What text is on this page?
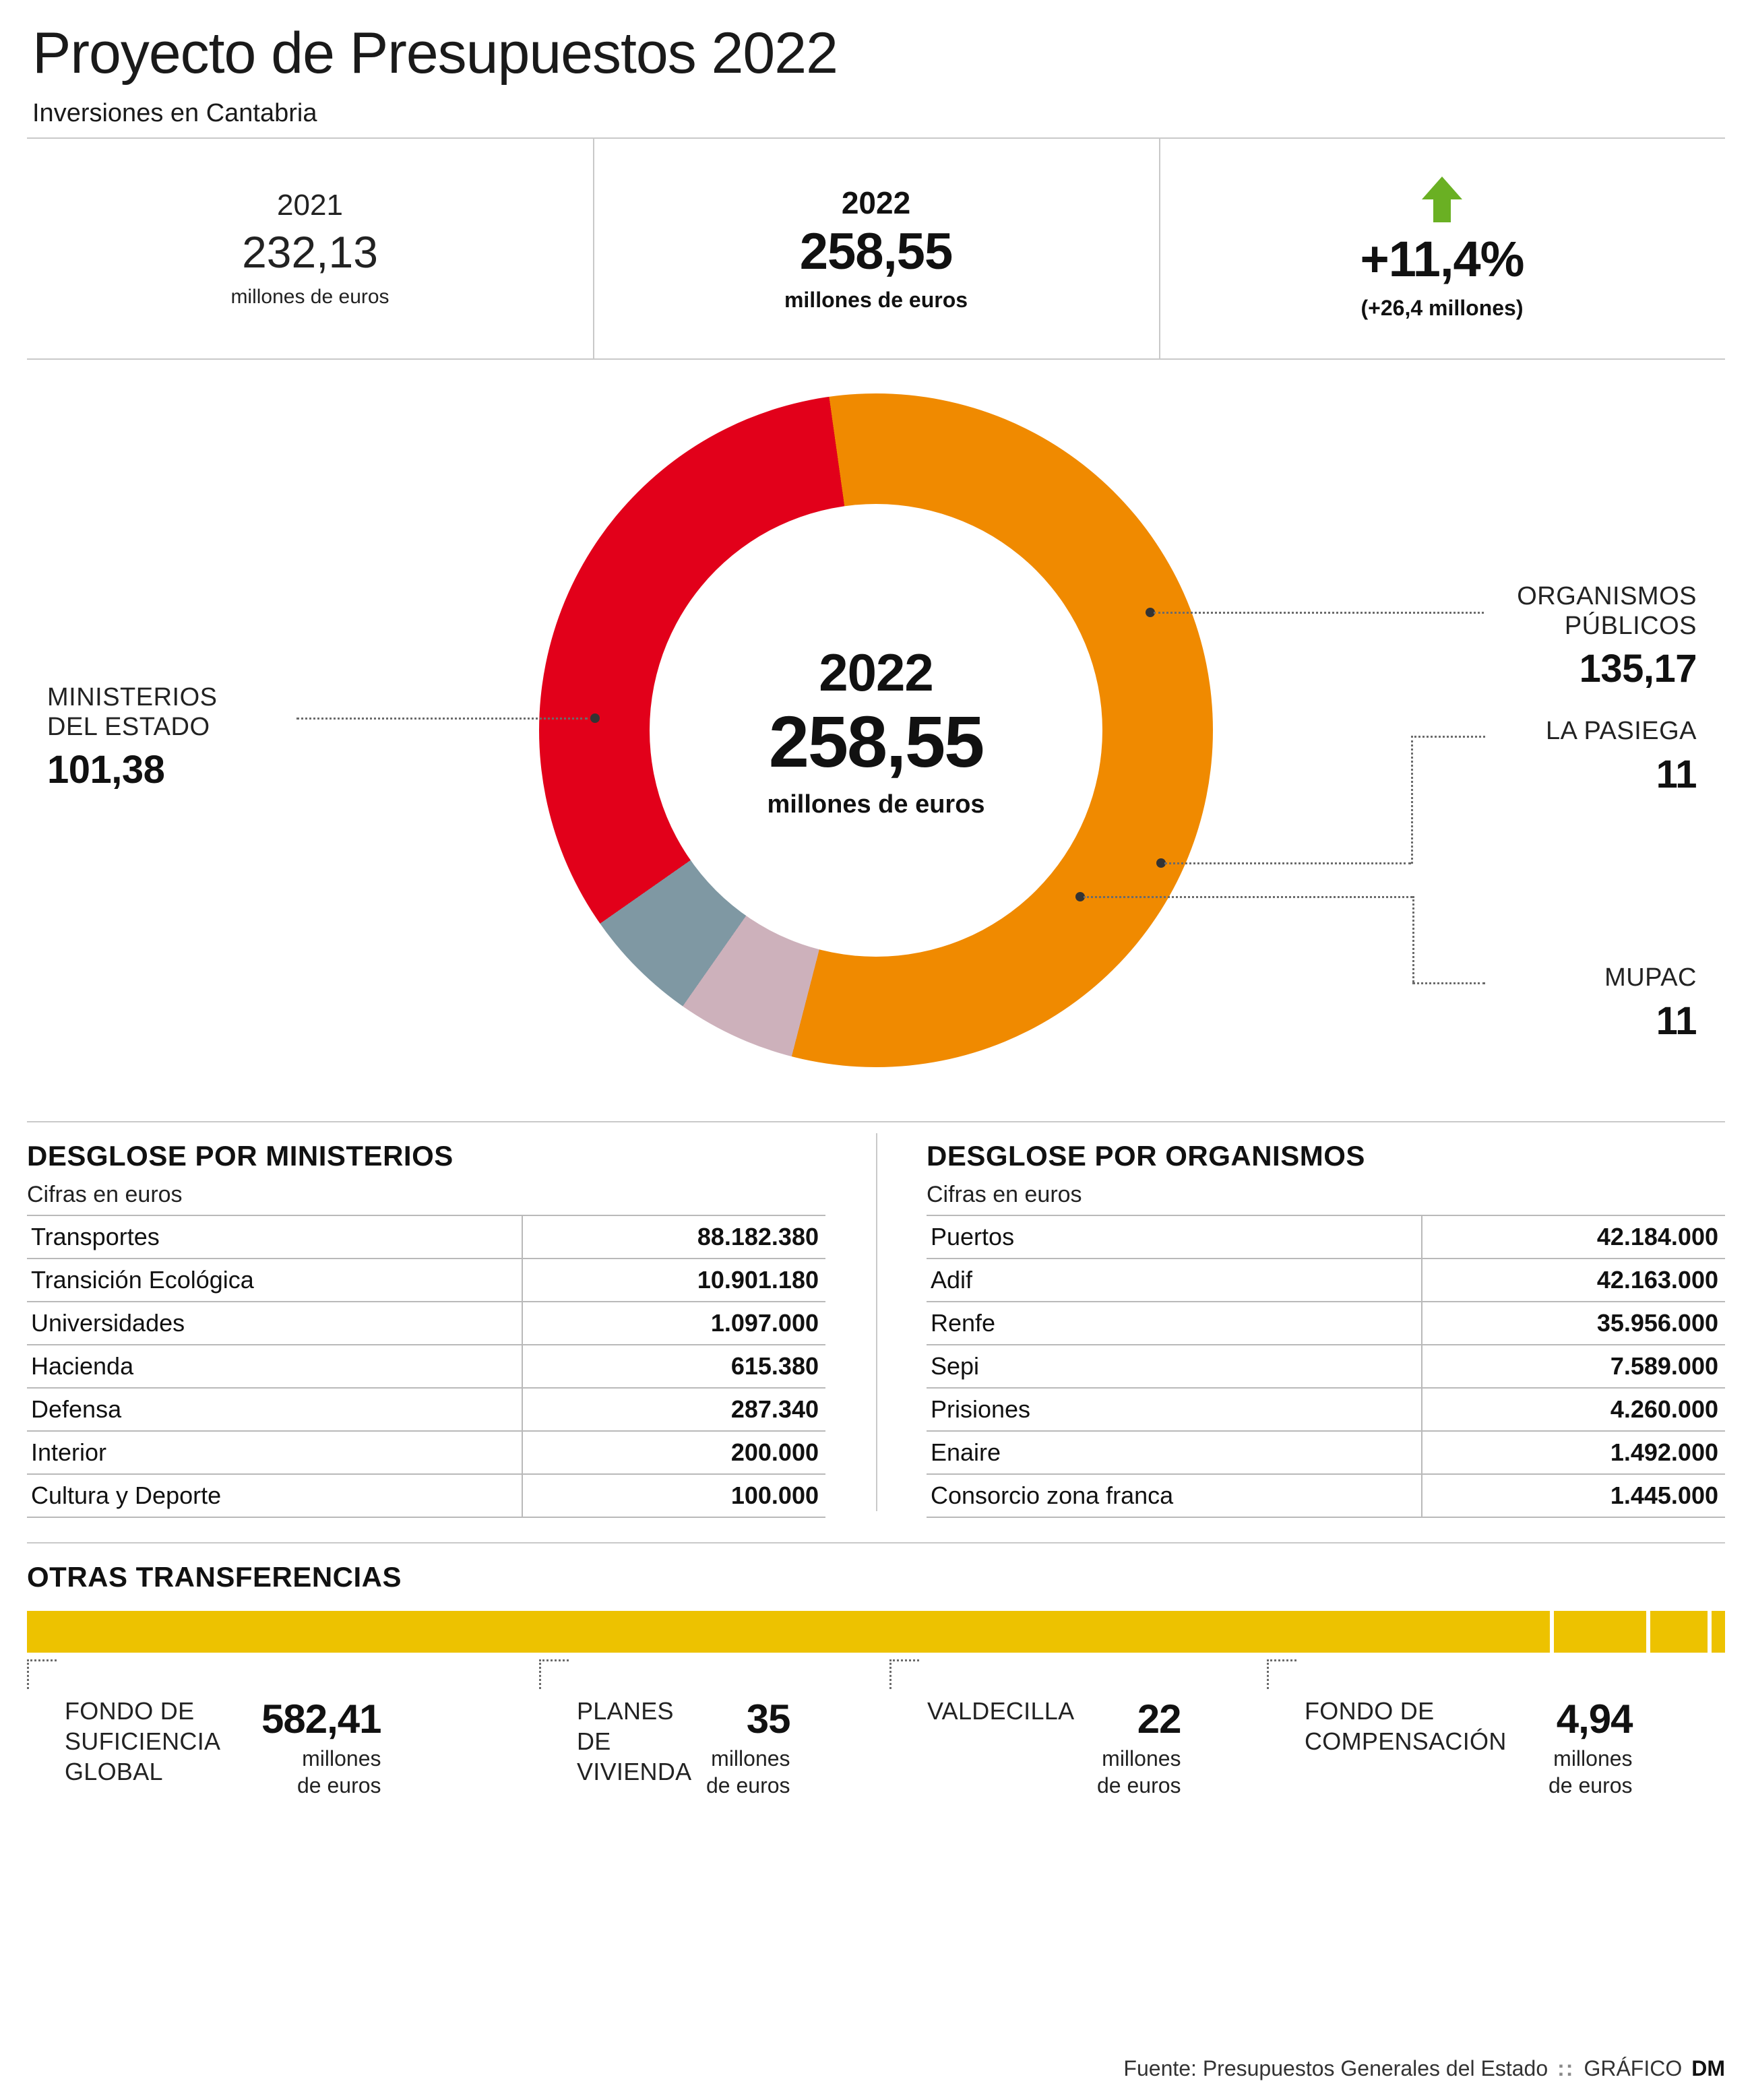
Proyecto de Presupuestos 2022
Inversiones en Cantabria
2021
232,13
millones de euros
2022
258,55
millones de euros
+11,4%
(+26,4 millones)
2022
258,55
millones de euros
MINISTERIOS
DEL ESTADO
101,38
ORGANISMOS
PÚBLICOS
135,17
LA PASIEGA
11
MUPAC
11
DESGLOSE POR MINISTERIOS
Cifras en euros
Transportes	88.182.380
Transición Ecológica	10.901.180
Universidades	1.097.000
Hacienda	615.380
Defensa	287.340
Interior	200.000
Cultura y Deporte	100.000
DESGLOSE POR ORGANISMOS
Cifras en euros
Puertos	42.184.000
Adif	42.163.000
Renfe	35.956.000
Sepi	7.589.000
Prisiones	4.260.000
Enaire	1.492.000
Consorcio zona franca	1.445.000
OTRAS TRANSFERENCIAS
FONDO DE
SUFICIENCIA
GLOBAL
582,41
millones
de euros
PLANES
DE
VIVIENDA
35
millones
de euros
VALDECILLA	22
millones
de euros
FONDO DE
COMPENSACIÓN	4,94
millones
de euros
Fuente: Presupuestos Generales del Estado :: GRÁFICO DM
